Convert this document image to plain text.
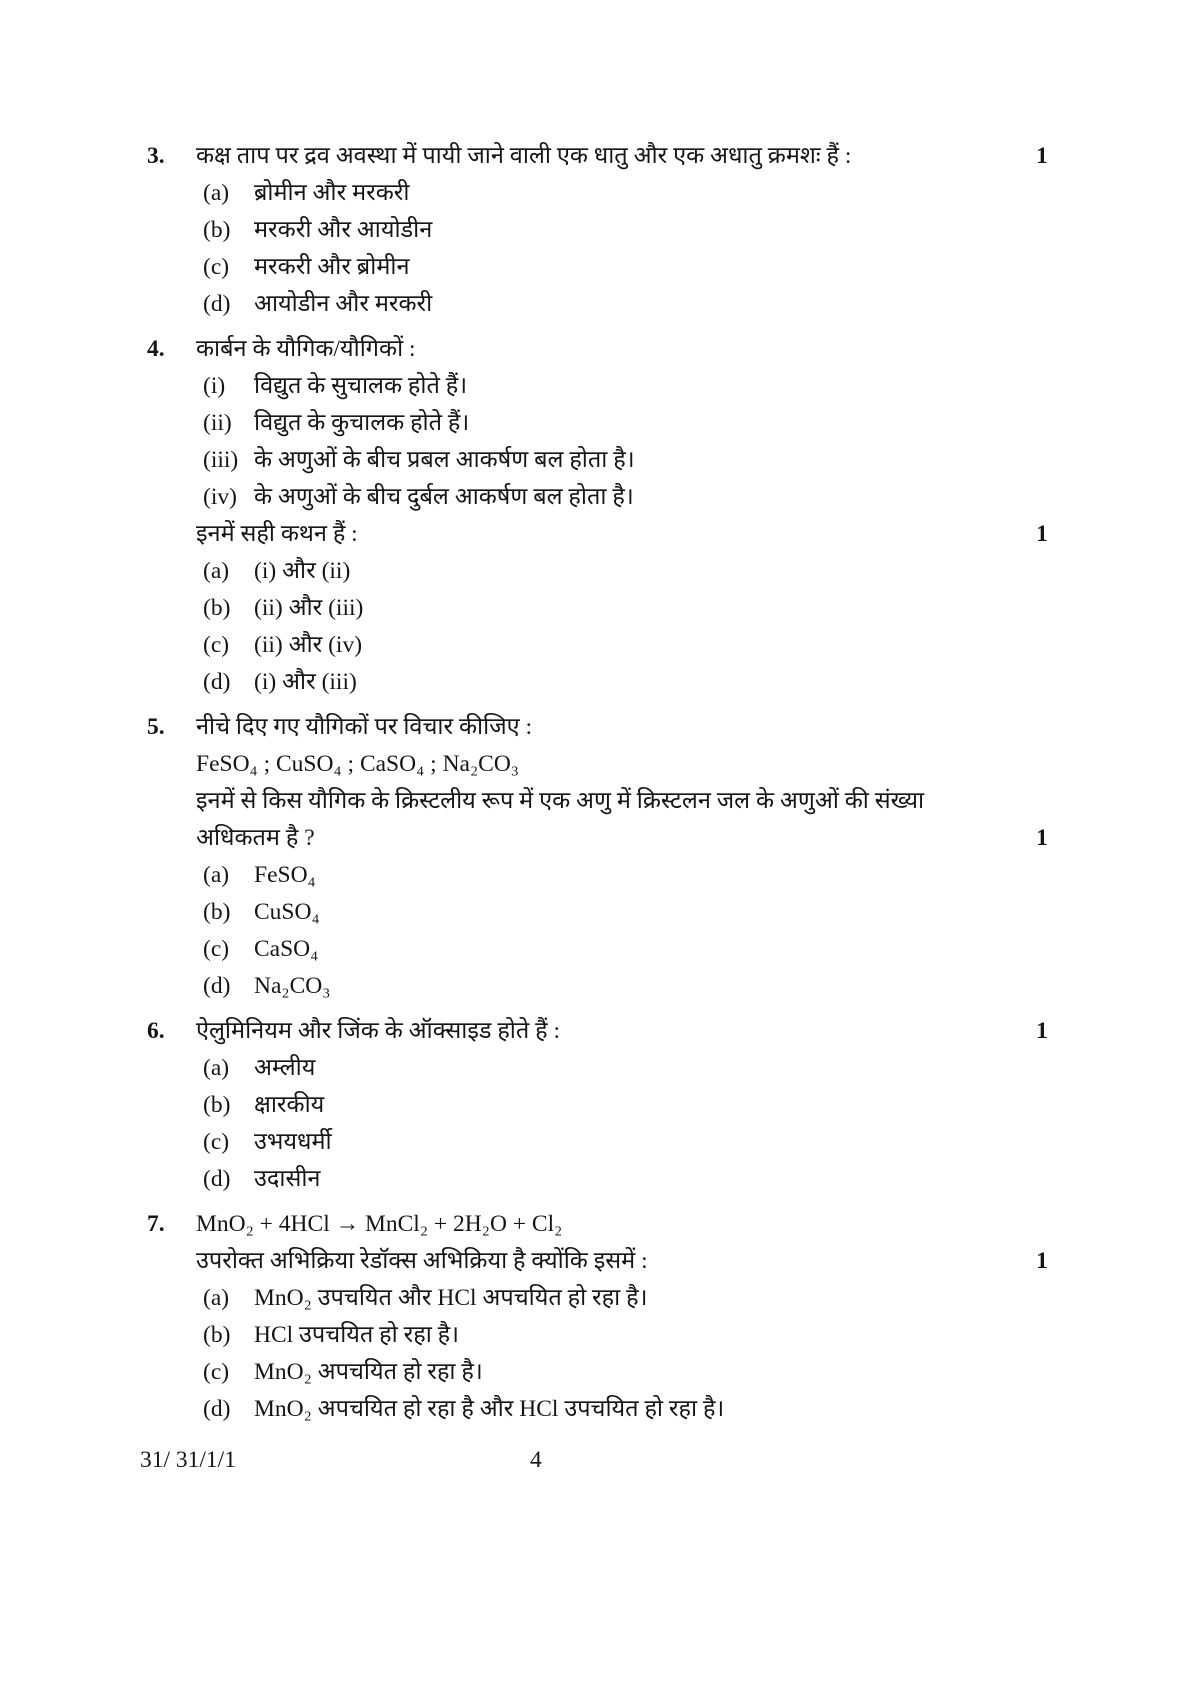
3.	कक्ष ताप पर द्रव अवस्था में पायी जाने वाली एक धातु और एक अधातु क्रमशः हैं :	1
(a) ब्रोमीन और मरकरी
(b) मरकरी और आयोडीन
(c) मरकरी और ब्रोमीन
(d) आयोडीन और मरकरी
4.	कार्बन के यौगिक/यौगिकों :
(i) विद्युत के सुचालक होते हैं।
(ii) विद्युत के कुचालक होते हैं।
(iii) के अणुओं के बीच प्रबल आकर्षण बल होता है।
(iv) के अणुओं के बीच दुर्बल आकर्षण बल होता है।
इनमें सही कथन हैं :	1
(a) (i) और (ii)
(b) (ii) और (iii)
(c) (ii) और (iv)
(d) (i) और (iii)
5.	नीचे दिए गए यौगिकों पर विचार कीजिए :
FeSO₄ ; CuSO₄ ; CaSO₄ ; Na₂CO₃
इनमें से किस यौगिक के क्रिस्टलीय रूप में एक अणु में क्रिस्टलन जल के अणुओं की संख्या
अधिकतम है ?	1
(a) FeSO₄
(b) CuSO₄
(c) CaSO₄
(d) Na₂CO₃
6.	ऐलुमिनियम और जिंक के ऑक्साइड होते हैं :	1
(a) अम्लीय
(b) क्षारकीय
(c) उभयधर्मी
(d) उदासीन
7.	MnO₂ + 4HCl → MnCl₂ + 2H₂O + Cl₂
उपरोक्त अभिक्रिया रेडॉक्स अभिक्रिया है क्योंकि इसमें :	1
(a) MnO₂ उपचयित और HCl अपचयित हो रहा है।
(b) HCl उपचयित हो रहा है।
(c) MnO₂ अपचयित हो रहा है।
(d) MnO₂ अपचयित हो रहा है और HCl उपचयित हो रहा है।
31/ 31/1/1	4
